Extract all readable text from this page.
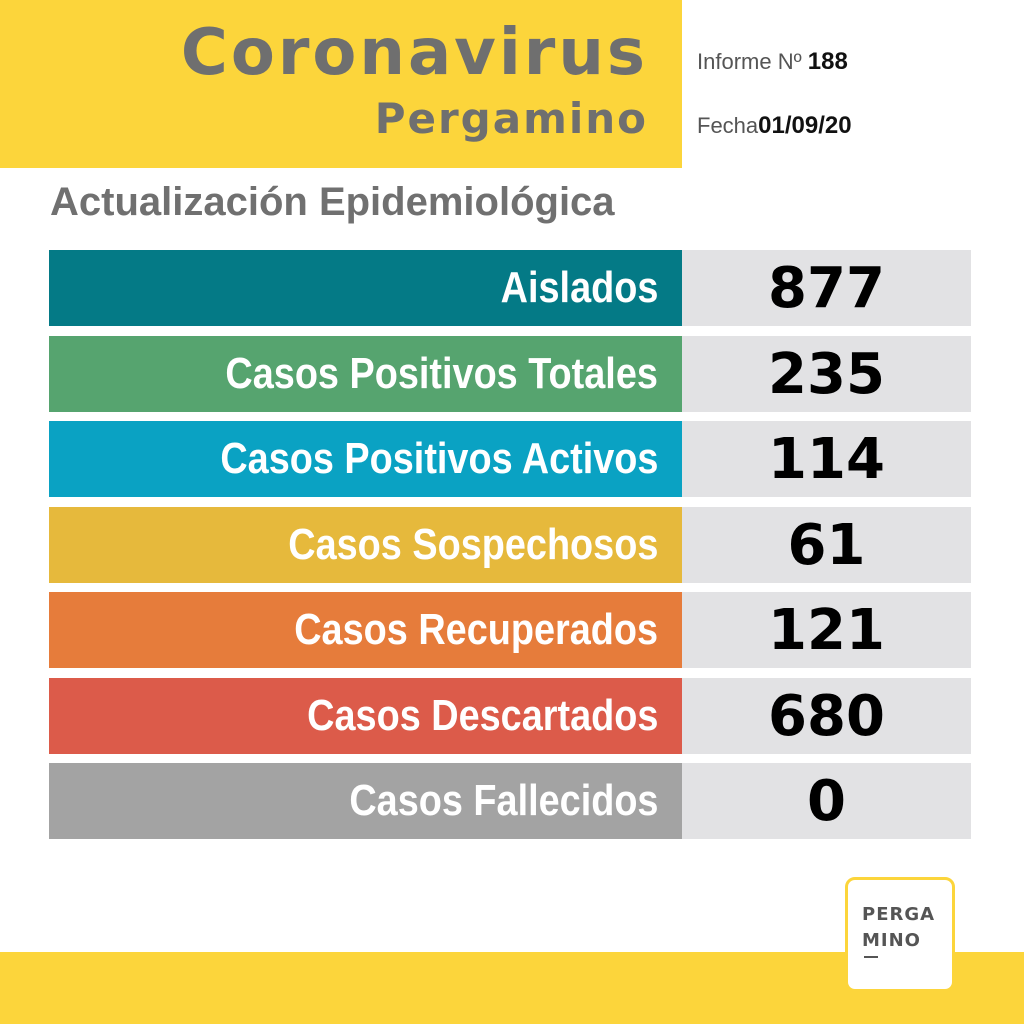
Coronavirus
Pergamino
Informe Nº 188
Fecha01/09/20
Actualización Epidemiológica
Aislados	877
Casos Positivos Totales	235
Casos Positivos Activos	114
Casos Sospechosos	61
Casos Recuperados	121
Casos Descartados	680
Casos Fallecidos	0
PERGA
MINO
